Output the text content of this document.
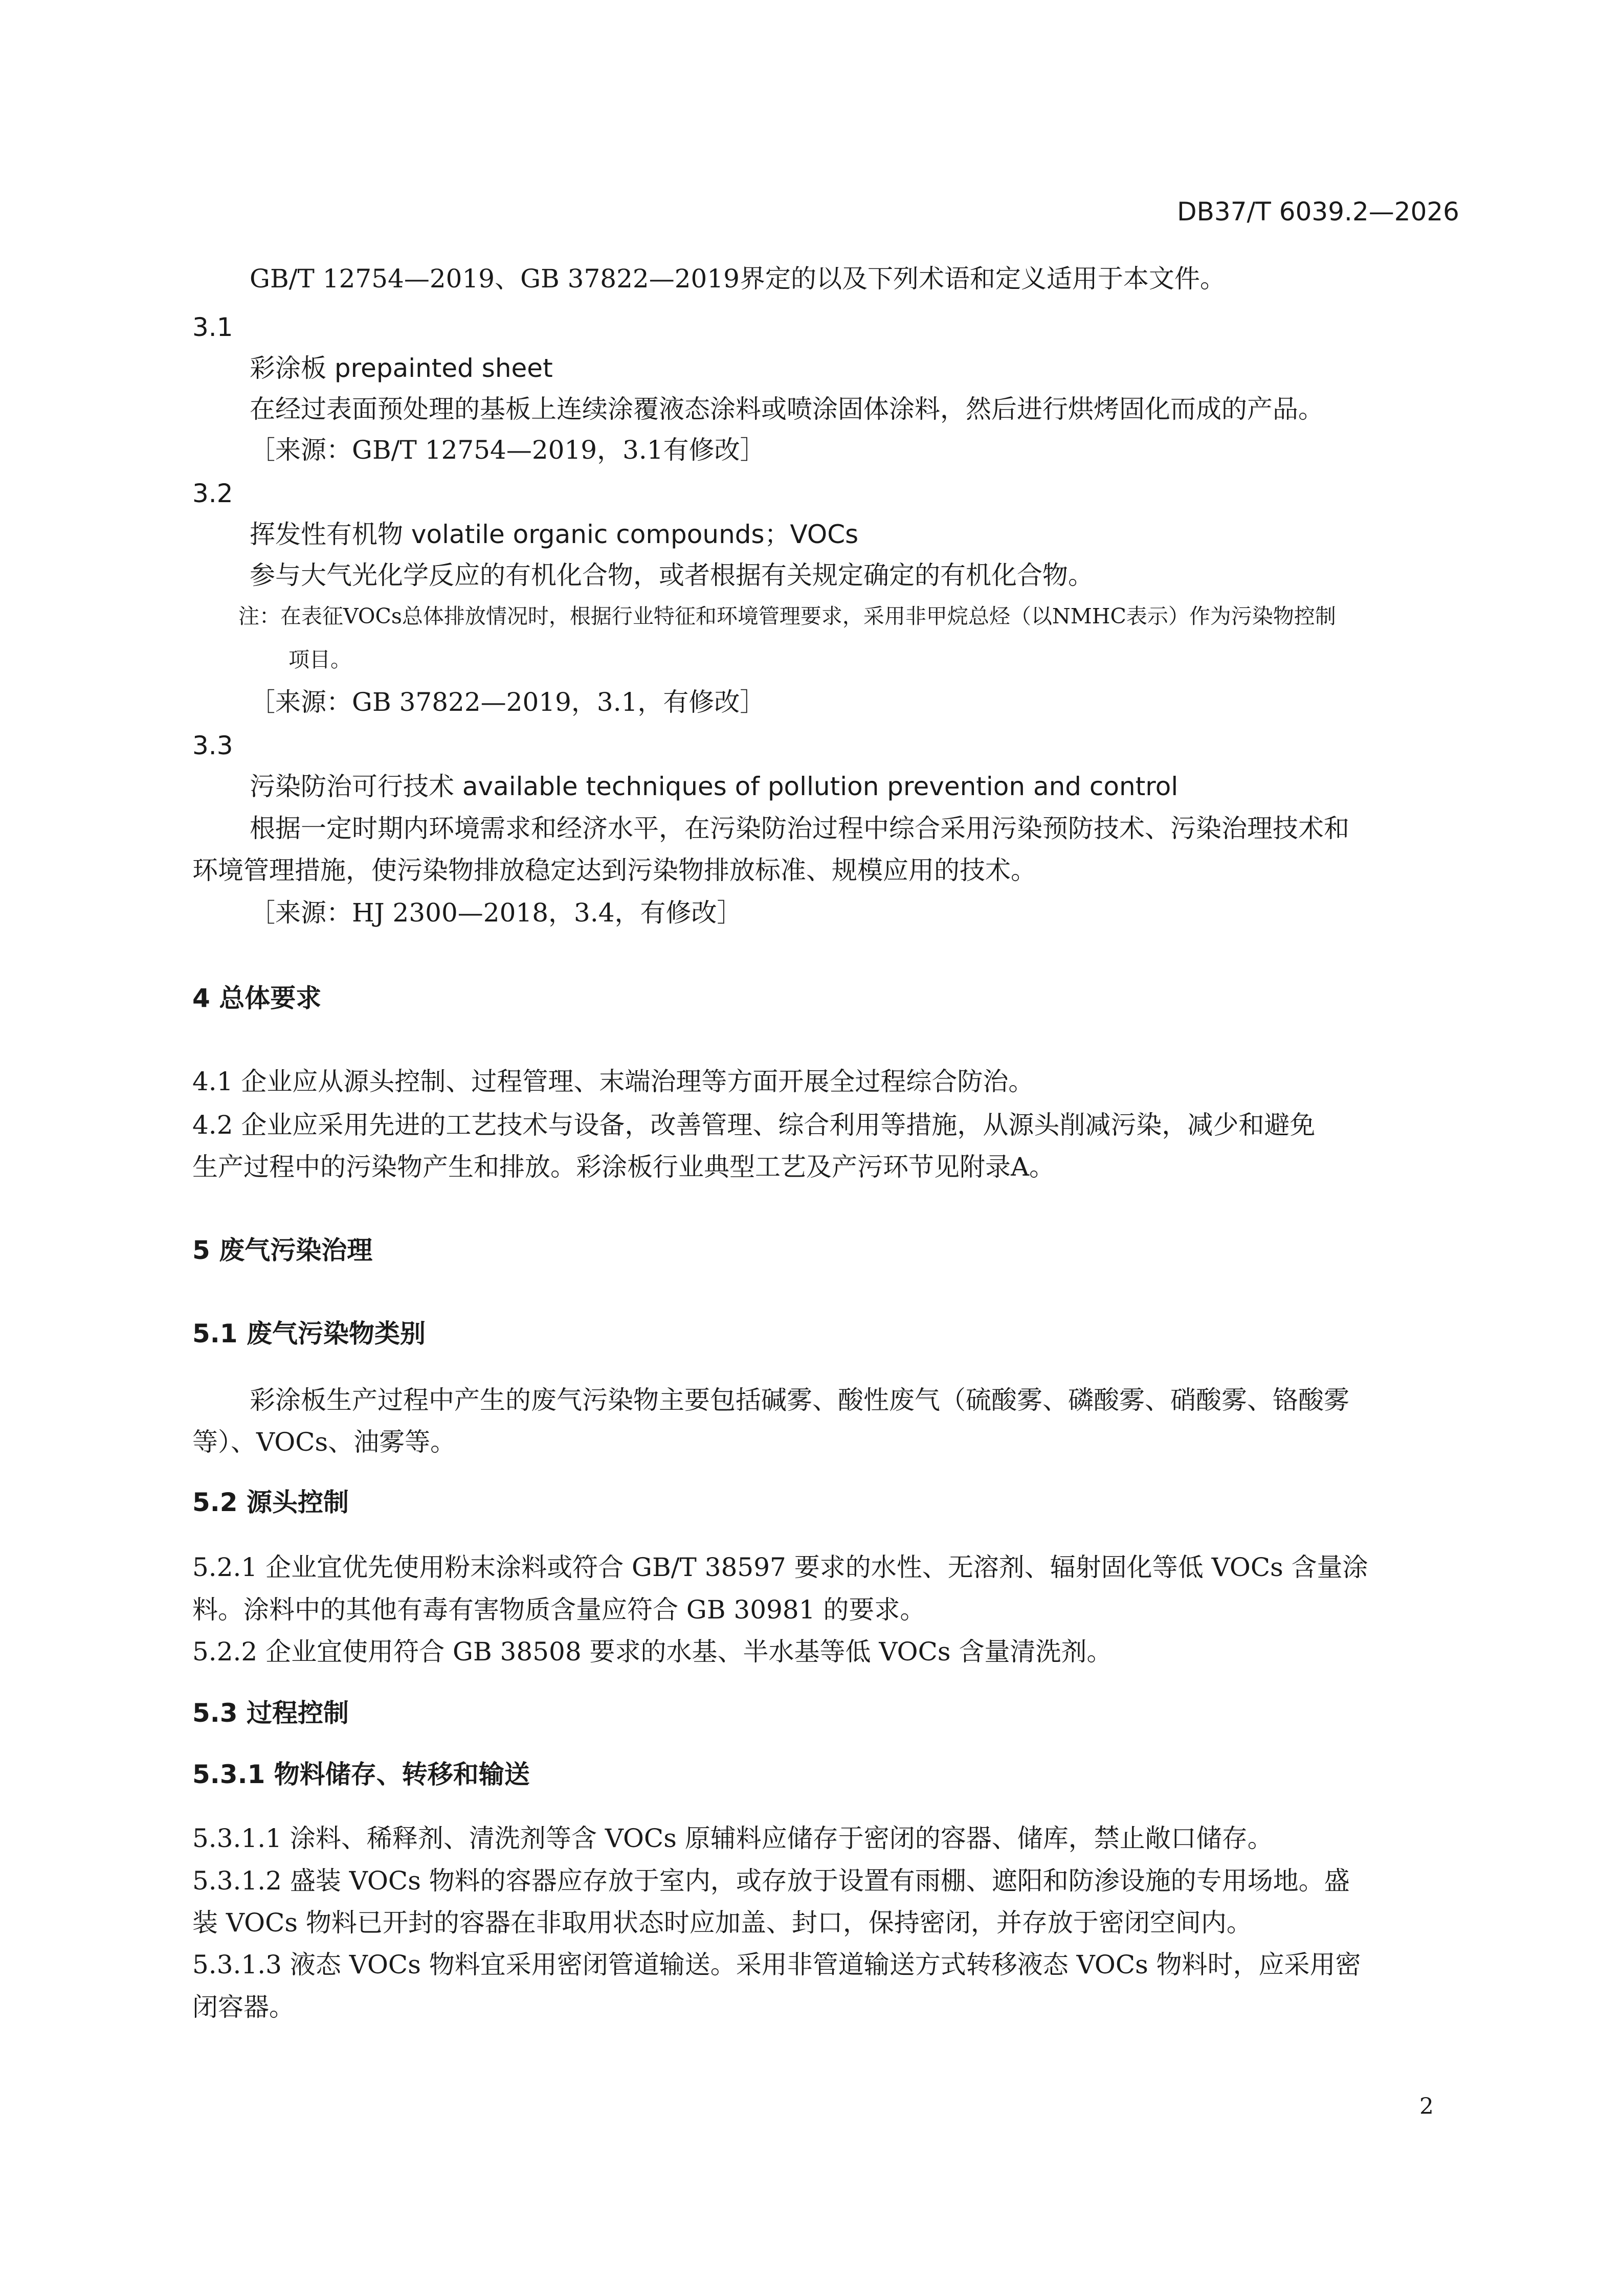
DB37/T 6039.2—2026
GB/T 12754—2019、GB 37822—2019界定的以及下列术语和定义适用于本文件。
3.1
彩涂板 prepainted sheet
在经过表面预处理的基板上连续涂覆液态涂料或喷涂固体涂料，然后进行烘烤固化而成的产品。
［来源：GB/T 12754—2019，3.1有修改］
3.2
挥发性有机物 volatile organic compounds；VOCs
参与大气光化学反应的有机化合物，或者根据有关规定确定的有机化合物。
注：在表征VOCs总体排放情况时，根据行业特征和环境管理要求，采用非甲烷总烃（以NMHC表示）作为污染物控制
项目。
［来源：GB 37822—2019，3.1，有修改］
3.3
污染防治可行技术 available techniques of pollution prevention and control
根据一定时期内环境需求和经济水平，在污染防治过程中综合采用污染预防技术、污染治理技术和
环境管理措施，使污染物排放稳定达到污染物排放标准、规模应用的技术。
［来源：HJ 2300—2018，3.4，有修改］
4 总体要求
4.1 企业应从源头控制、过程管理、末端治理等方面开展全过程综合防治。
4.2 企业应采用先进的工艺技术与设备，改善管理、综合利用等措施，从源头削减污染，减少和避免
生产过程中的污染物产生和排放。彩涂板行业典型工艺及产污环节见附录A。
5 废气污染治理
5.1 废气污染物类别
彩涂板生产过程中产生的废气污染物主要包括碱雾、酸性废气（硫酸雾、磷酸雾、硝酸雾、铬酸雾
等）、VOCs、油雾等。
5.2 源头控制
5.2.1 企业宜优先使用粉末涂料或符合 GB/T 38597 要求的水性、无溶剂、辐射固化等低 VOCs 含量涂
料。涂料中的其他有毒有害物质含量应符合 GB 30981 的要求。
5.2.2 企业宜使用符合 GB 38508 要求的水基、半水基等低 VOCs 含量清洗剂。
5.3 过程控制
5.3.1 物料储存、转移和输送
5.3.1.1 涂料、稀释剂、清洗剂等含 VOCs 原辅料应储存于密闭的容器、储库，禁止敞口储存。
5.3.1.2 盛装 VOCs 物料的容器应存放于室内，或存放于设置有雨棚、遮阳和防渗设施的专用场地。盛
装 VOCs 物料已开封的容器在非取用状态时应加盖、封口，保持密闭，并存放于密闭空间内。
5.3.1.3 液态 VOCs 物料宜采用密闭管道输送。采用非管道输送方式转移液态 VOCs 物料时，应采用密
闭容器。
2
